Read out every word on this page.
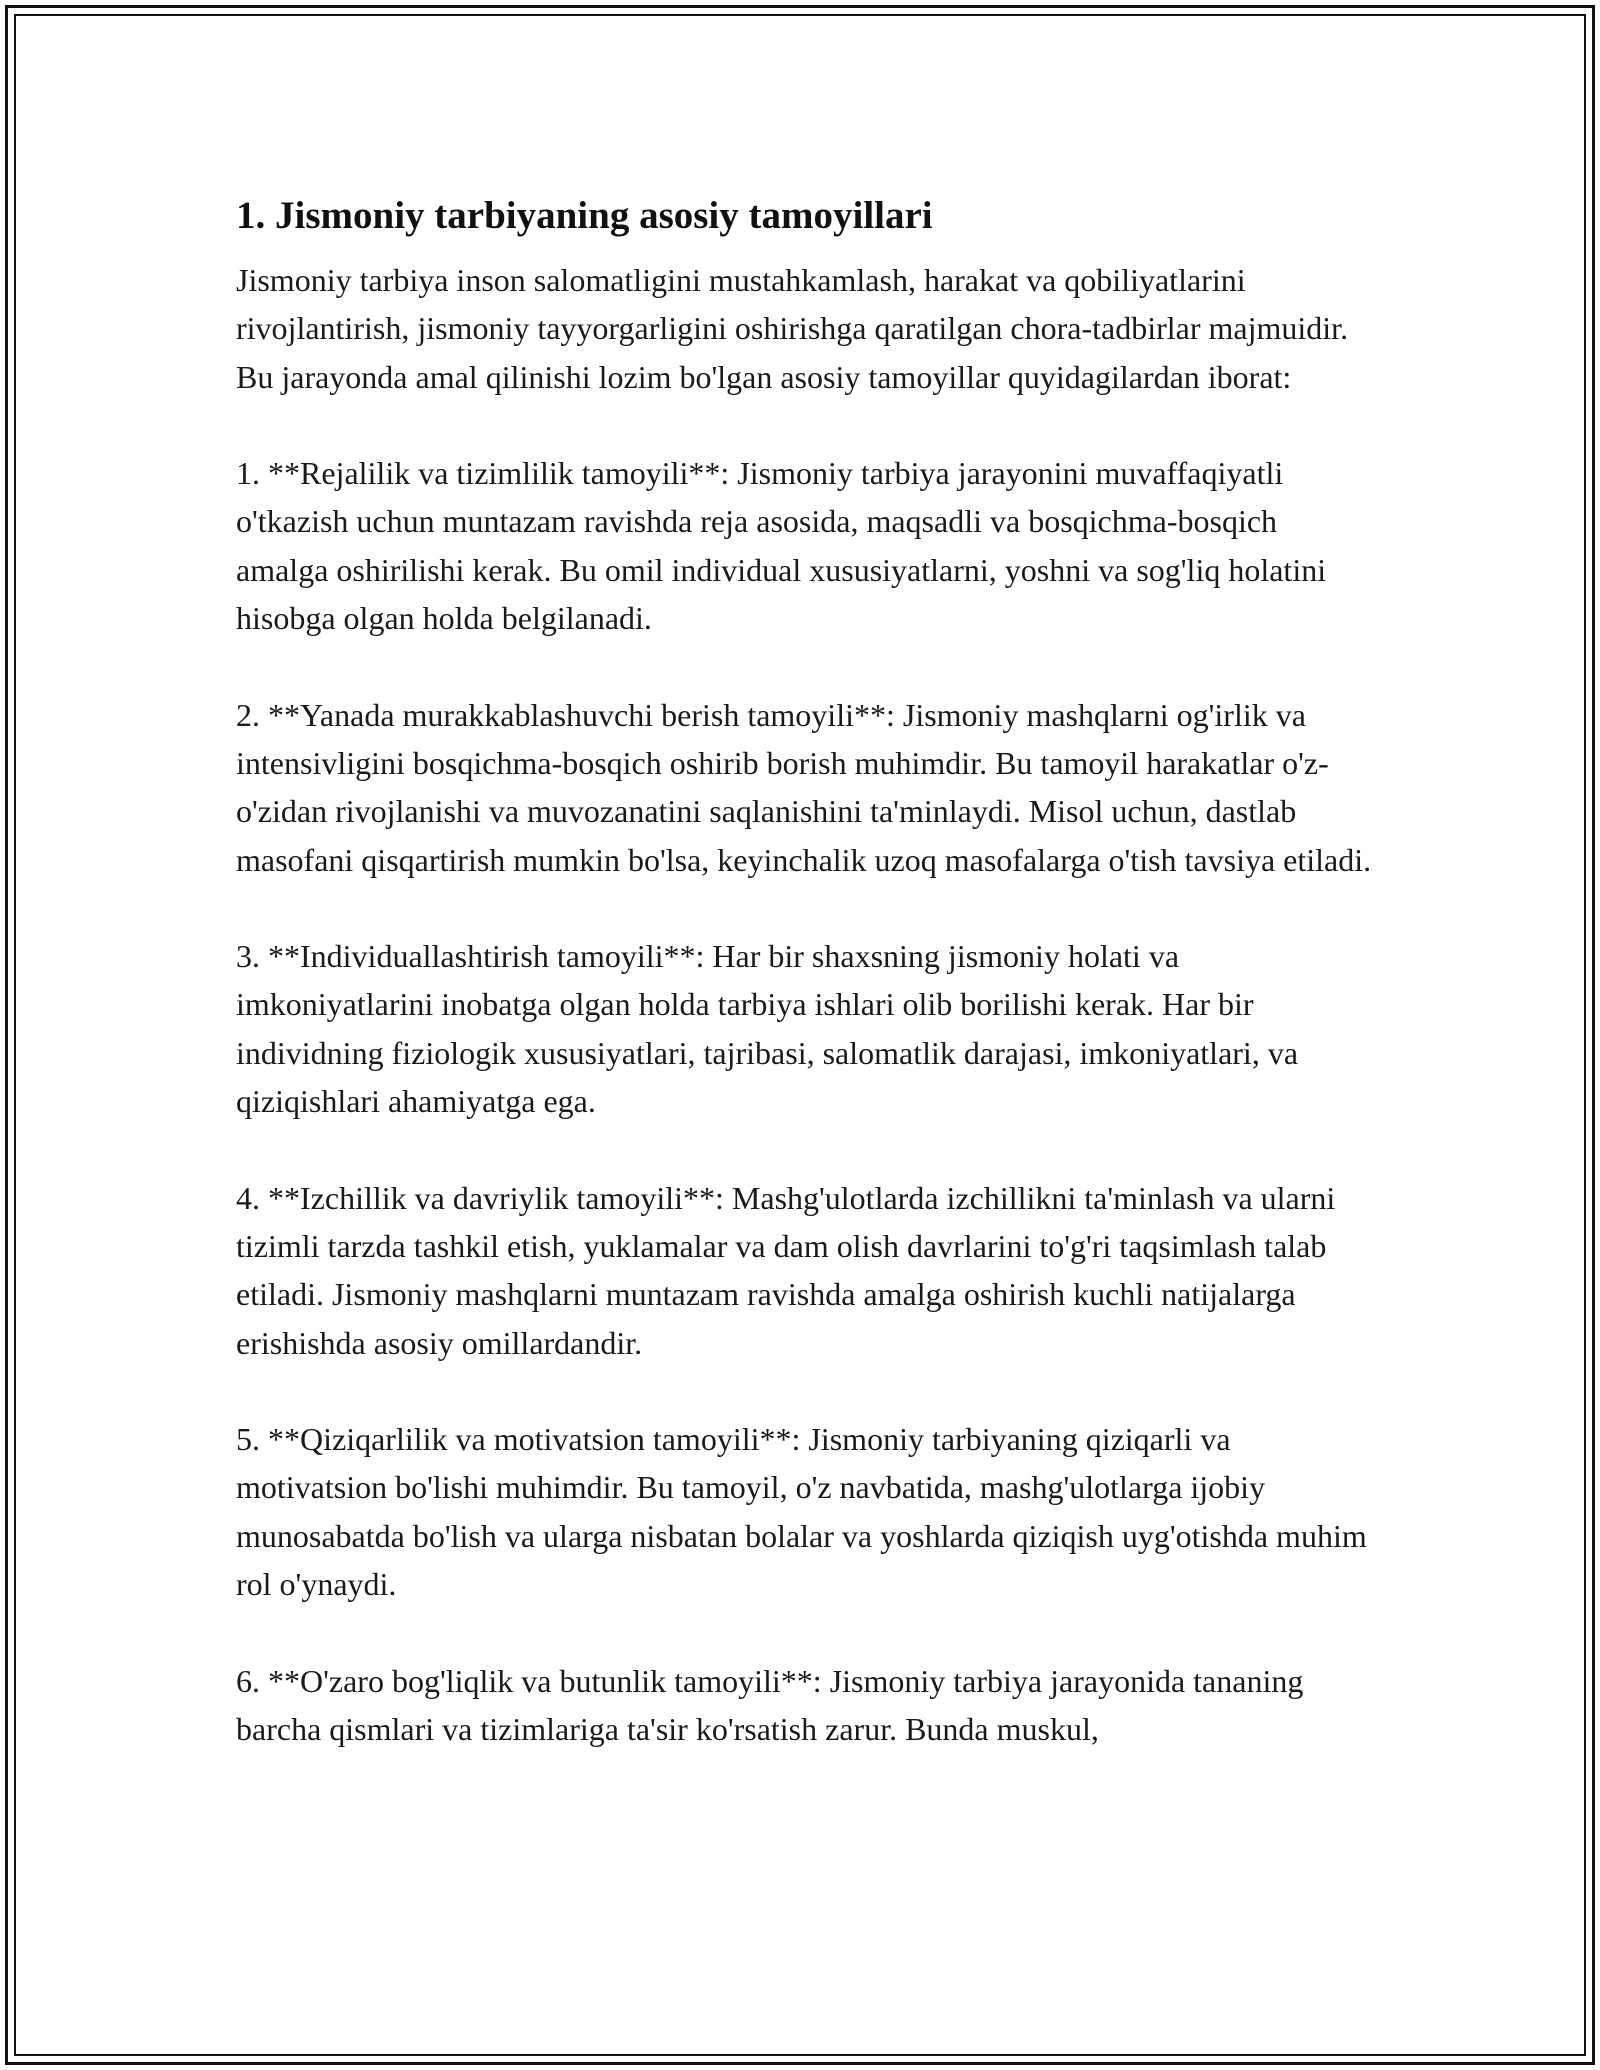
1. Jismoniy tarbiyaning asosiy tamoyillari

Jismoniy tarbiya inson salomatligini mustahkamlash, harakat va qobiliyatlarini rivojlantirish, jismoniy tayyorgarligini oshirishga qaratilgan chora-tadbirlar majmuidir. Bu jarayonda amal qilinishi lozim bo'lgan asosiy tamoyillar quyidagilardan iborat:

1. **Rejalilik va tizimlilik tamoyili**: Jismoniy tarbiya jarayonini muvaffaqiyatli o'tkazish uchun muntazam ravishda reja asosida, maqsadli va bosqichma-bosqich amalga oshirilishi kerak. Bu omil individual xususiyatlarni, yoshni va sog'liq holatini hisobga olgan holda belgilanadi.

2. **Yanada murakkablashuvchi berish tamoyili**: Jismoniy mashqlarni og'irlik va intensivligini bosqichma-bosqich oshirib borish muhimdir. Bu tamoyil harakatlar o'z-o'zidan rivojlanishi va muvozanatini saqlanishini ta'minlaydi. Misol uchun, dastlab masofani qisqartirish mumkin bo'lsa, keyinchalik uzoq masofalarga o'tish tavsiya etiladi.

3. **Individuallashtirish tamoyili**: Har bir shaxsning jismoniy holati va imkoniyatlarini inobatga olgan holda tarbiya ishlari olib borilishi kerak. Har bir individning fiziologik xususiyatlari, tajribasi, salomatlik darajasi, imkoniyatlari, va qiziqishlari ahamiyatga ega.

4. **Izchillik va davriylik tamoyili**: Mashg'ulotlarda izchillikni ta'minlash va ularni tizimli tarzda tashkil etish, yuklamalar va dam olish davrlarini to'g'ri taqsimlash talab etiladi. Jismoniy mashqlarni muntazam ravishda amalga oshirish kuchli natijalarga erishishda asosiy omillardandir.

5. **Qiziqarlilik va motivatsion tamoyili**: Jismoniy tarbiyaning qiziqarli va motivatsion bo'lishi muhimdir. Bu tamoyil, o'z navbatida, mashg'ulotlarga ijobiy munosabatda bo'lish va ularga nisbatan bolalar va yoshlarda qiziqish uyg'otishda muhim rol o'ynaydi.

6. **O'zaro bog'liqlik va butunlik tamoyili**: Jismoniy tarbiya jarayonida tananing barcha qismlari va tizimlariga ta'sir ko'rsatish zarur. Bunda muskul,
